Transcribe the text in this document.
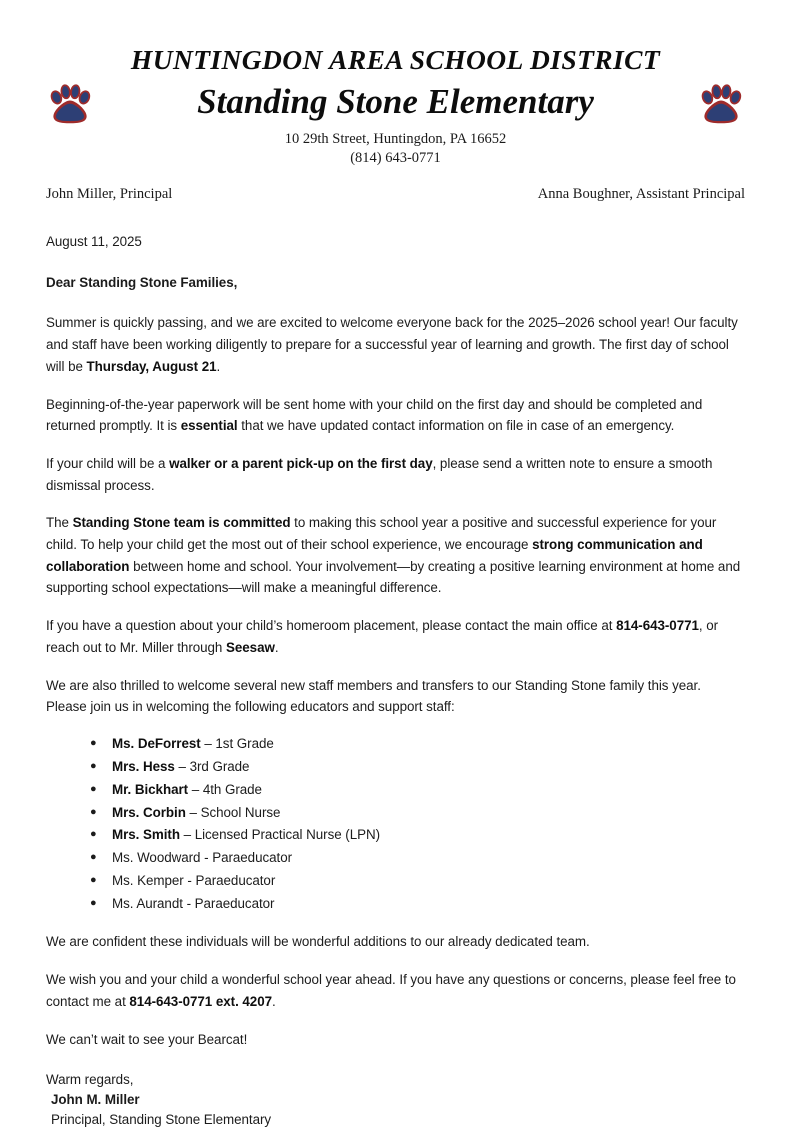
HUNTINGDON AREA SCHOOL DISTRICT
Standing Stone Elementary
10 29th Street, Huntingdon, PA 16652
(814) 643-0771
John Miller, Principal	Anna Boughner, Assistant Principal

August 11, 2025

Dear Standing Stone Families,

Summer is quickly passing, and we are excited to welcome everyone back for the 2025–2026 school year! Our faculty and staff have been working diligently to prepare for a successful year of learning and growth. The first day of school will be Thursday, August 21.

Beginning-of-the-year paperwork will be sent home with your child on the first day and should be completed and returned promptly. It is essential that we have updated contact information on file in case of an emergency.

If your child will be a walker or a parent pick-up on the first day, please send a written note to ensure a smooth dismissal process.

The Standing Stone team is committed to making this school year a positive and successful experience for your child. To help your child get the most out of their school experience, we encourage strong communication and collaboration between home and school. Your involvement—by creating a positive learning environment at home and supporting school expectations—will make a meaningful difference.

If you have a question about your child’s homeroom placement, please contact the main office at 814-643-0771, or reach out to Mr. Miller through Seesaw.

We are also thrilled to welcome several new staff members and transfers to our Standing Stone family this year. Please join us in welcoming the following educators and support staff:

● Ms. DeForrest – 1st Grade
● Mrs. Hess – 3rd Grade
● Mr. Bickhart – 4th Grade
● Mrs. Corbin – School Nurse
● Mrs. Smith – Licensed Practical Nurse (LPN)
● Ms. Woodward - Paraeducator
● Ms. Kemper - Paraeducator
● Ms. Aurandt - Paraeducator

We are confident these individuals will be wonderful additions to our already dedicated team.

We wish you and your child a wonderful school year ahead. If you have any questions or concerns, please feel free to contact me at 814-643-0771 ext. 4207.

We can’t wait to see your Bearcat!

Warm regards,

John M. Miller

Principal, Standing Stone Elementary
